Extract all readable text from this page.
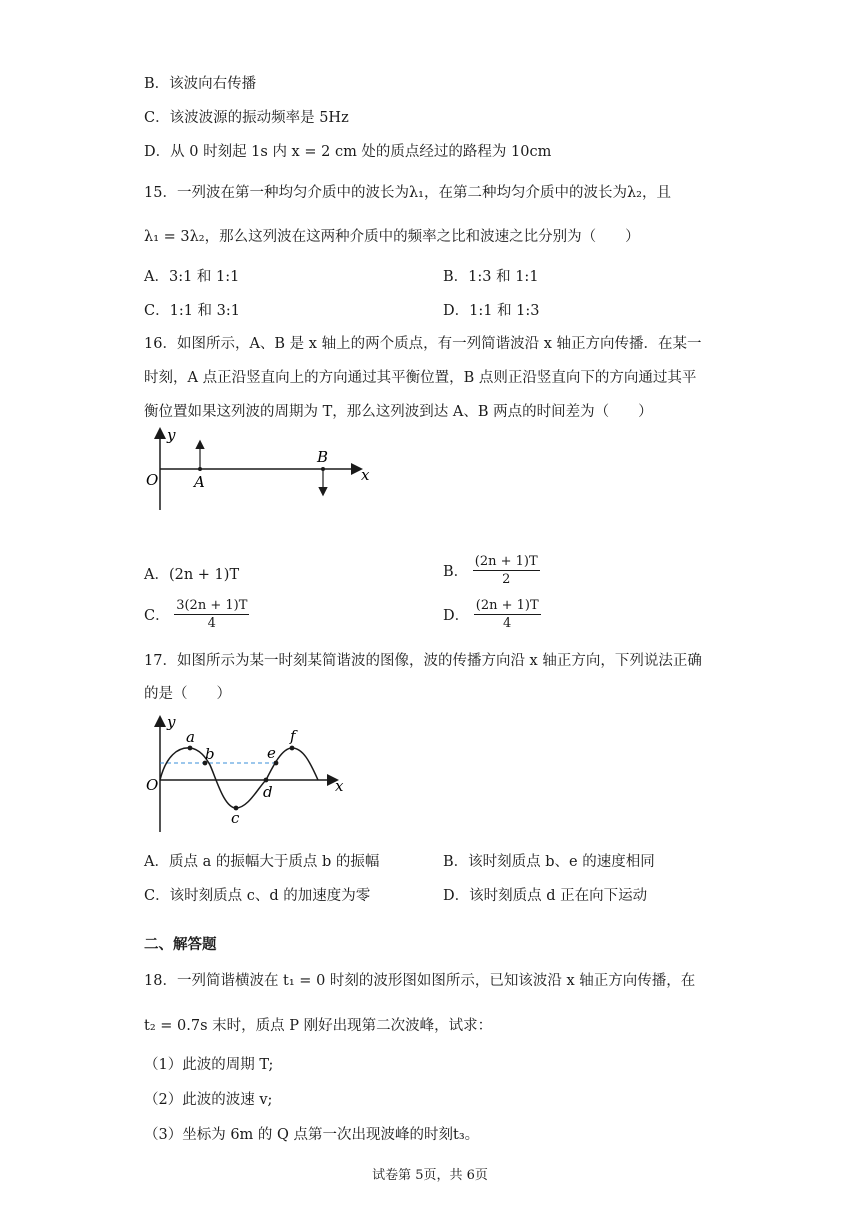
B．该波向右传播
C．该波波源的振动频率是 5Hz
D．从 0 时刻起 1s 内 x = 2 cm 处的质点经过的路程为 10cm
15．一列波在第一种均匀介质中的波长为λ₁，在第二种均匀介质中的波长为λ₂，且
λ₁ = 3λ₂，那么这列波在这两种介质中的频率之比和波速之比分别为（　　）
A．3:1 和 1:1	B．1:3 和 1:1
C．1:1 和 3:1	D．1:1 和 1:3
16．如图所示，A、B 是 x 轴上的两个质点，有一列简谐波沿 x 轴正方向传播．在某一
时刻，A 点正沿竖直向上的方向通过其平衡位置，B 点则正沿竖直向下的方向通过其平
衡位置如果这列波的周期为 T，那么这列波到达 A、B 两点的时间差为（　　）
y
O A
B
x
A．(2n + 1)T	B． $\frac{(2n + 1)T}{2}$
C． $\frac{3(2n + 1)T}{4}$	D． $\frac{(2n + 1)T}{4}$
17．如图所示为某一时刻某简谐波的图像，波的传播方向沿 x 轴正方向，下列说法正确
的是（　　）
y
O	x
a
b
c
d
e
f
A．质点 a 的振幅大于质点 b 的振幅	B．该时刻质点 b、e 的速度相同
C．该时刻质点 c、d 的加速度为零	D．该时刻质点 d 正在向下运动
二、解答题
18．一列简谐横波在 t₁ = 0 时刻的波形图如图所示，已知该波沿 x 轴正方向传播，在
t₂ = 0.7s 末时，质点 P 刚好出现第二次波峰，试求：
（1）此波的周期 T;
（2）此波的波速 v;
（3）坐标为 6m 的 Q 点第一次出现波峰的时刻t₃。
试卷第 5页，共 6页
